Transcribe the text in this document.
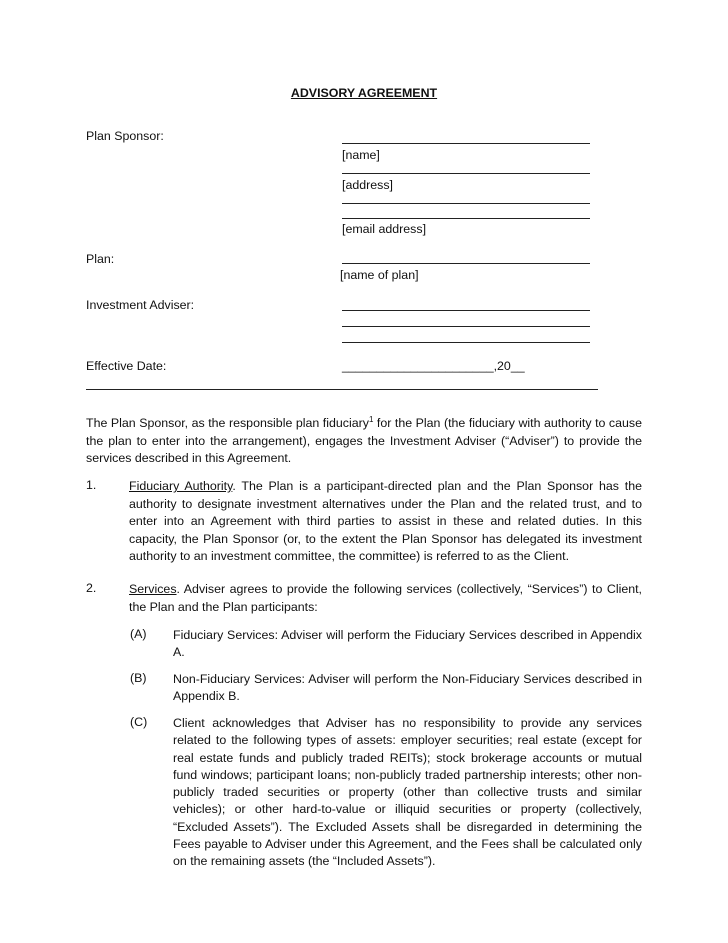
ADVISORY AGREEMENT
Plan Sponsor:
[name]
[address]
[email address]
Plan:
[name of plan]
Investment Adviser:
Effective Date:	______________________,20__
The Plan Sponsor, as the responsible plan fiduciary$^1$ for the Plan (the fiduciary with authority to cause the plan to enter into the arrangement), engages the Investment Adviser (“Adviser”) to provide the services described in this Agreement.
1.	Fiduciary Authority. The Plan is a participant-directed plan and the Plan Sponsor has the authority to designate investment alternatives under the Plan and the related trust, and to enter into an Agreement with third parties to assist in these and related duties. In this capacity, the Plan Sponsor (or, to the extent the Plan Sponsor has delegated its investment authority to an investment committee, the committee) is referred to as the Client.
2.	Services. Adviser agrees to provide the following services (collectively, “Services”) to Client, the Plan and the Plan participants:
(A) Fiduciary Services: Adviser will perform the Fiduciary Services described in Appendix A.
(B) Non-Fiduciary Services: Adviser will perform the Non-Fiduciary Services described in Appendix B.
(C) Client acknowledges that Adviser has no responsibility to provide any services related to the following types of assets: employer securities; real estate (except for real estate funds and publicly traded REITs); stock brokerage accounts or mutual fund windows; participant loans; non-publicly traded partnership interests; other non-publicly traded securities or property (other than collective trusts and similar vehicles); or other hard-to-value or illiquid securities or property (collectively, “Excluded Assets”). The Excluded Assets shall be disregarded in determining the Fees payable to Adviser under this Agreement, and the Fees shall be calculated only on the remaining assets (the “Included Assets”).
